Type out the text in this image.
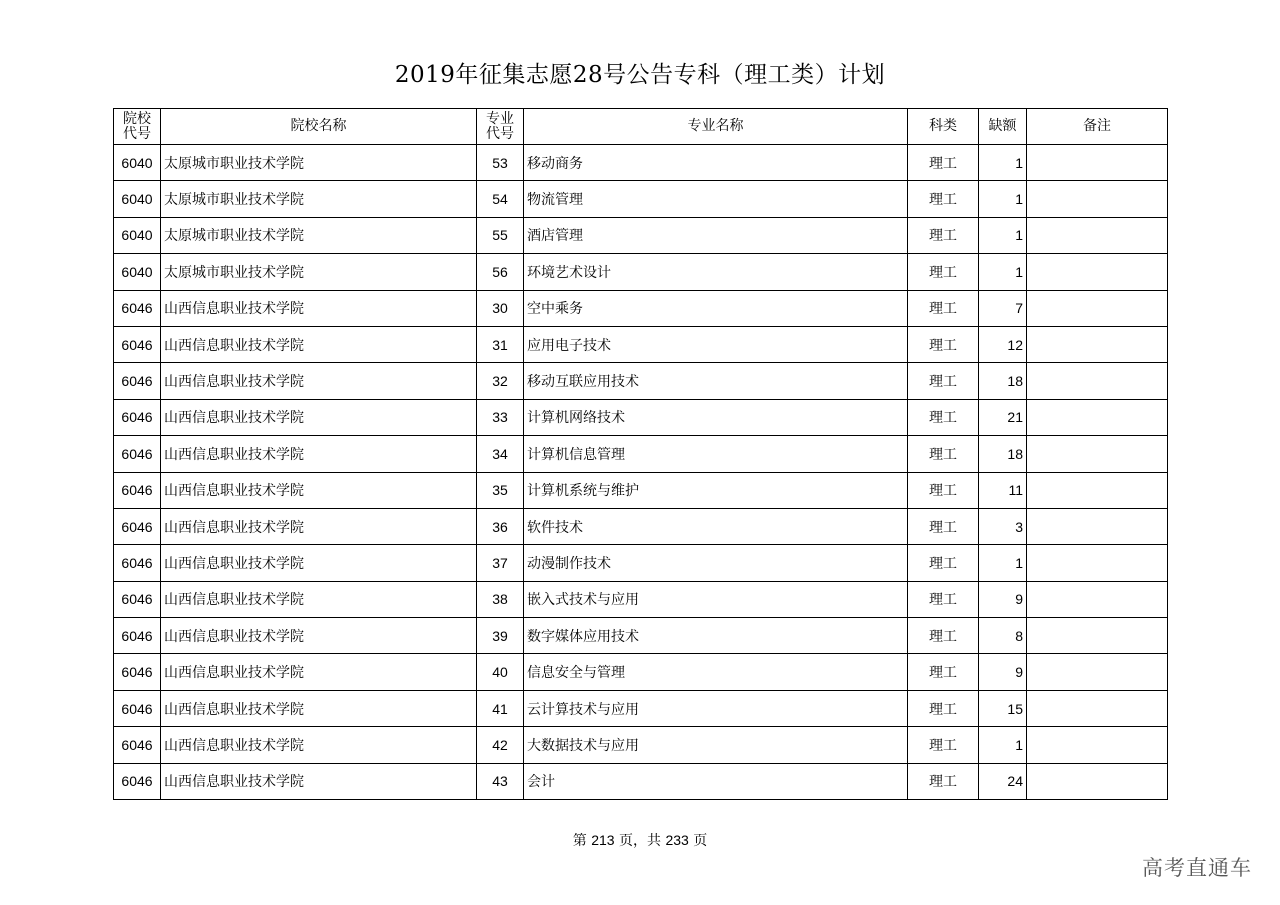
2019年征集志愿28号公告专科（理工类）计划
院校代号	院校名称	专业代号	专业名称	科类	缺额	备注
6040	太原城市职业技术学院	53	移动商务	理工	1	
6040	太原城市职业技术学院	54	物流管理	理工	1	
6040	太原城市职业技术学院	55	酒店管理	理工	1	
6040	太原城市职业技术学院	56	环境艺术设计	理工	1	
6046	山西信息职业技术学院	30	空中乘务	理工	7	
6046	山西信息职业技术学院	31	应用电子技术	理工	12	
6046	山西信息职业技术学院	32	移动互联应用技术	理工	18	
6046	山西信息职业技术学院	33	计算机网络技术	理工	21	
6046	山西信息职业技术学院	34	计算机信息管理	理工	18	
6046	山西信息职业技术学院	35	计算机系统与维护	理工	11	
6046	山西信息职业技术学院	36	软件技术	理工	3	
6046	山西信息职业技术学院	37	动漫制作技术	理工	1	
6046	山西信息职业技术学院	38	嵌入式技术与应用	理工	9	
6046	山西信息职业技术学院	39	数字媒体应用技术	理工	8	
6046	山西信息职业技术学院	40	信息安全与管理	理工	9	
6046	山西信息职业技术学院	41	云计算技术与应用	理工	15	
6046	山西信息职业技术学院	42	大数据技术与应用	理工	1	
6046	山西信息职业技术学院	43	会计	理工	24	
第 213 页，共 233 页
高考直通车
